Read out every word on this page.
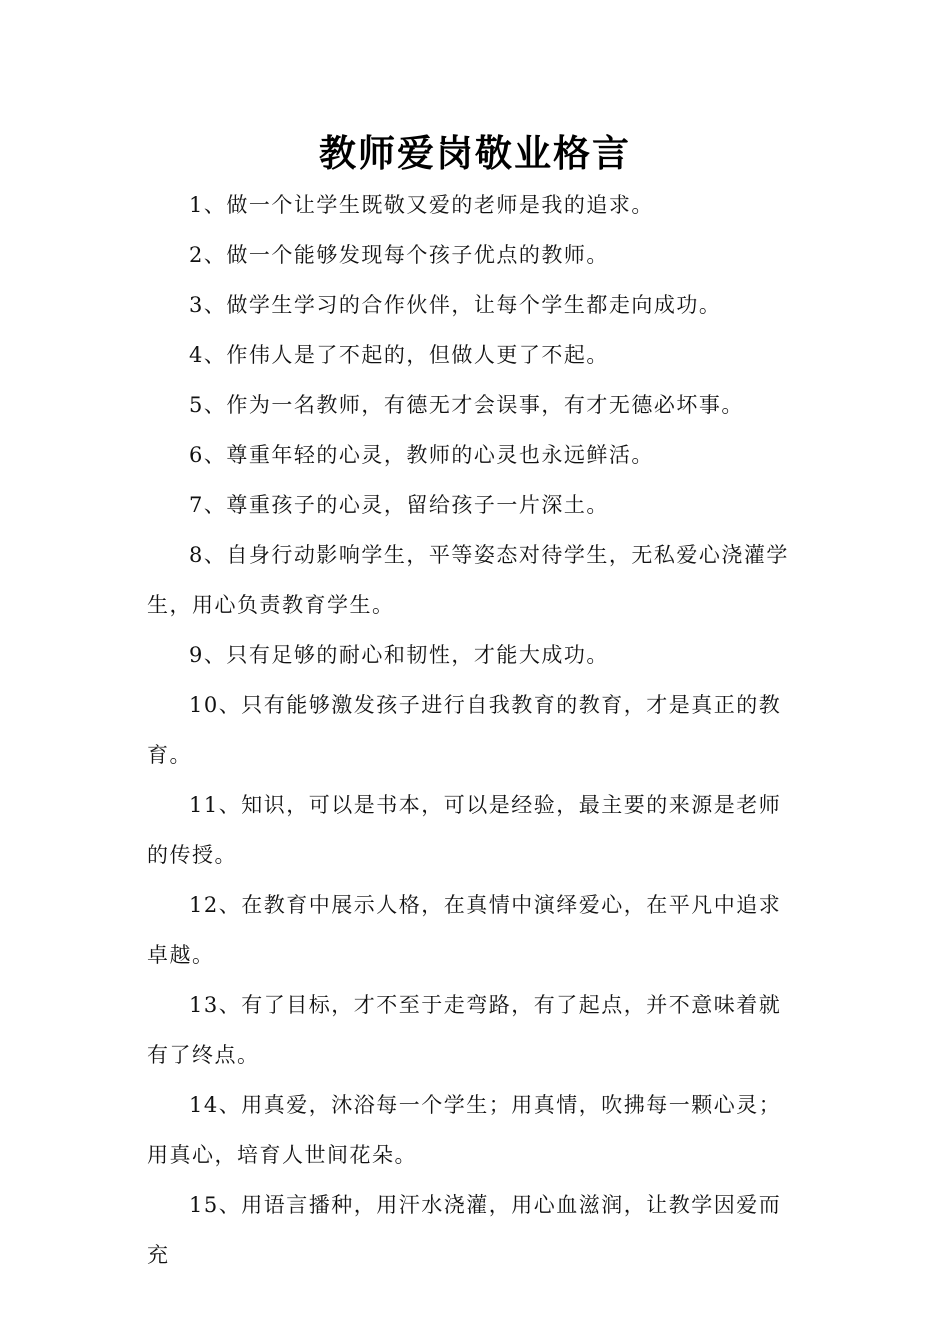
教师爱岗敬业格言

1、做一个让学生既敬又爱的老师是我的追求。

2、做一个能够发现每个孩子优点的教师。

3、做学生学习的合作伙伴，让每个学生都走向成功。

4、作伟人是了不起的，但做人更了不起。

5、作为一名教师，有德无才会误事，有才无德必坏事。

6、尊重年轻的心灵，教师的心灵也永远鲜活。

7、尊重孩子的心灵，留给孩子一片深土。

8、自身行动影响学生，平等姿态对待学生，无私爱心浇灌学生，用心负责教育学生。

9、只有足够的耐心和韧性，才能大成功。

10、只有能够激发孩子进行自我教育的教育，才是真正的教育。

11、知识，可以是书本，可以是经验，最主要的来源是老师的传授。

12、在教育中展示人格，在真情中演绎爱心，在平凡中追求卓越。

13、有了目标，才不至于走弯路，有了起点，并不意味着就有了终点。

14、用真爱，沐浴每一个学生；用真情，吹拂每一颗心灵；用真心，培育人世间花朵。

15、用语言播种，用汗水浇灌，用心血滋润，让教学因爱而充
